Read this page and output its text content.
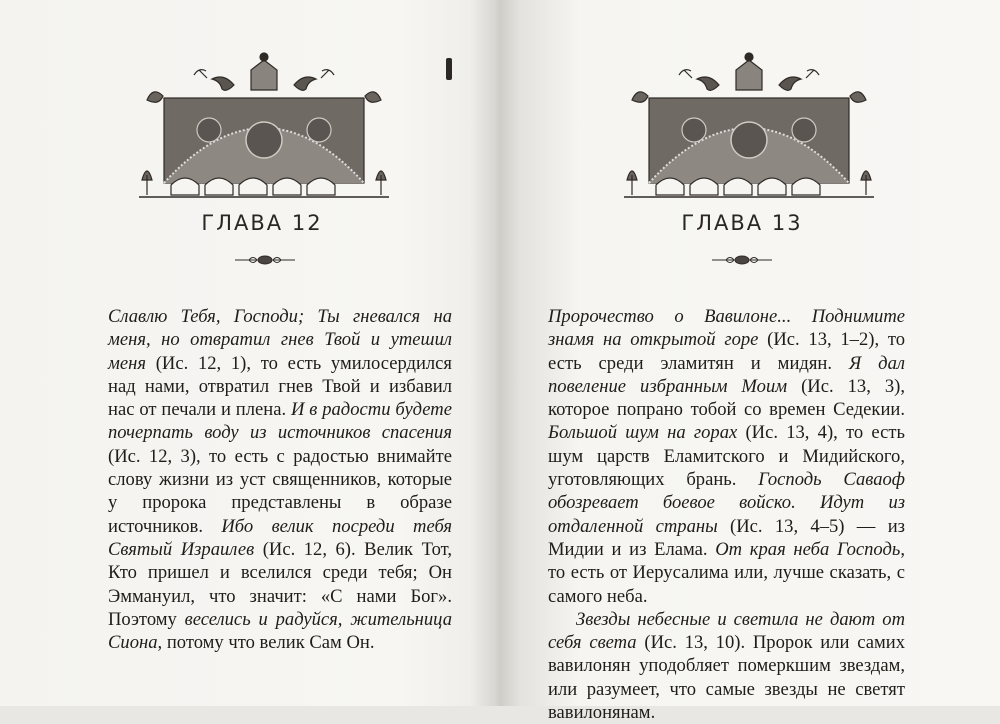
ГЛАВА 12

Славлю Тебя, Господи; Ты гневался на меня, но отвратил гнев Твой и утешил меня (Ис. 12, 1), то есть умилосердился над нами, отвратил гнев Твой и избавил нас от печали и плена. И в радости будете почерпать воду из источников спасения (Ис. 12, 3), то есть с радостью внимайте слову жизни из уст священников, которые у пророка представлены в образе источников. Ибо велик посреди тебя Святый Израилев (Ис. 12, 6). Велик Тот, Кто пришел и вселился среди тебя; Он Эммануил, что значит: «С нами Бог». Поэтому веселись и радуйся, жительница Сиона, потому что велик Сам Он.

ГЛАВА 13

Пророчество о Вавилоне... Поднимите знамя на открытой горе (Ис. 13, 1–2), то есть среди эламитян и мидян. Я дал повеление избранным Моим (Ис. 13, 3), которое попрано тобой со времен Седекии. Большой шум на горах (Ис. 13, 4), то есть шум царств Еламитского и Мидийского, уготовляющих брань. Господь Саваоф обозревает боевое войско. Идут из отдаленной страны (Ис. 13, 4–5) — из Мидии и из Елама. От края неба Господь, то есть от Иерусалима или, лучше сказать, с самого неба.

Звезды небесные и светила не дают от себя света (Ис. 13, 10). Пророк или самих вавилонян уподобляет померкшим звездам, или разумеет, что самые звезды не светят вавилонянам.
